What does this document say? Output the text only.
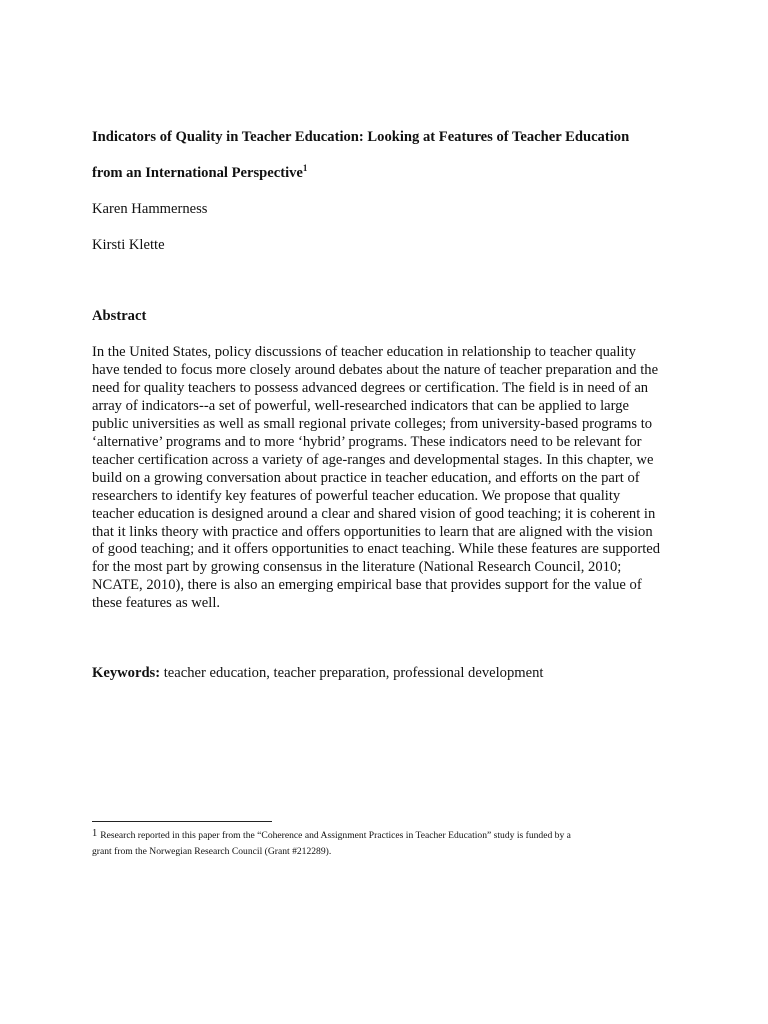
Indicators of Quality in Teacher Education: Looking at Features of Teacher Education
from an International Perspective$^1$
Karen Hammerness
Kirsti Klette
Abstract
In the United States, policy discussions of teacher education in relationship to teacher quality
have tended to focus more closely around debates about the nature of teacher preparation and the
need for quality teachers to possess advanced degrees or certification. The field is in need of an
array of indicators--a set of powerful, well-researched indicators that can be applied to large
public universities as well as small regional private colleges; from university-based programs to
‘alternative’ programs and to more ‘hybrid’ programs. These indicators need to be relevant for
teacher certification across a variety of age-ranges and developmental stages. In this chapter, we
build on a growing conversation about practice in teacher education, and efforts on the part of
researchers to identify key features of powerful teacher education. We propose that quality
teacher education is designed around a clear and shared vision of good teaching; it is coherent in
that it links theory with practice and offers opportunities to learn that are aligned with the vision
of good teaching; and it offers opportunities to enact teaching. While these features are supported
for the most part by growing consensus in the literature (National Research Council, 2010;
NCATE, 2010), there is also an emerging empirical base that provides support for the value of
these features as well.
Keywords: teacher education, teacher preparation, professional development
1 Research reported in this paper from the “Coherence and Assignment Practices in Teacher Education” study is funded by a
grant from the Norwegian Research Council (Grant #212289).
